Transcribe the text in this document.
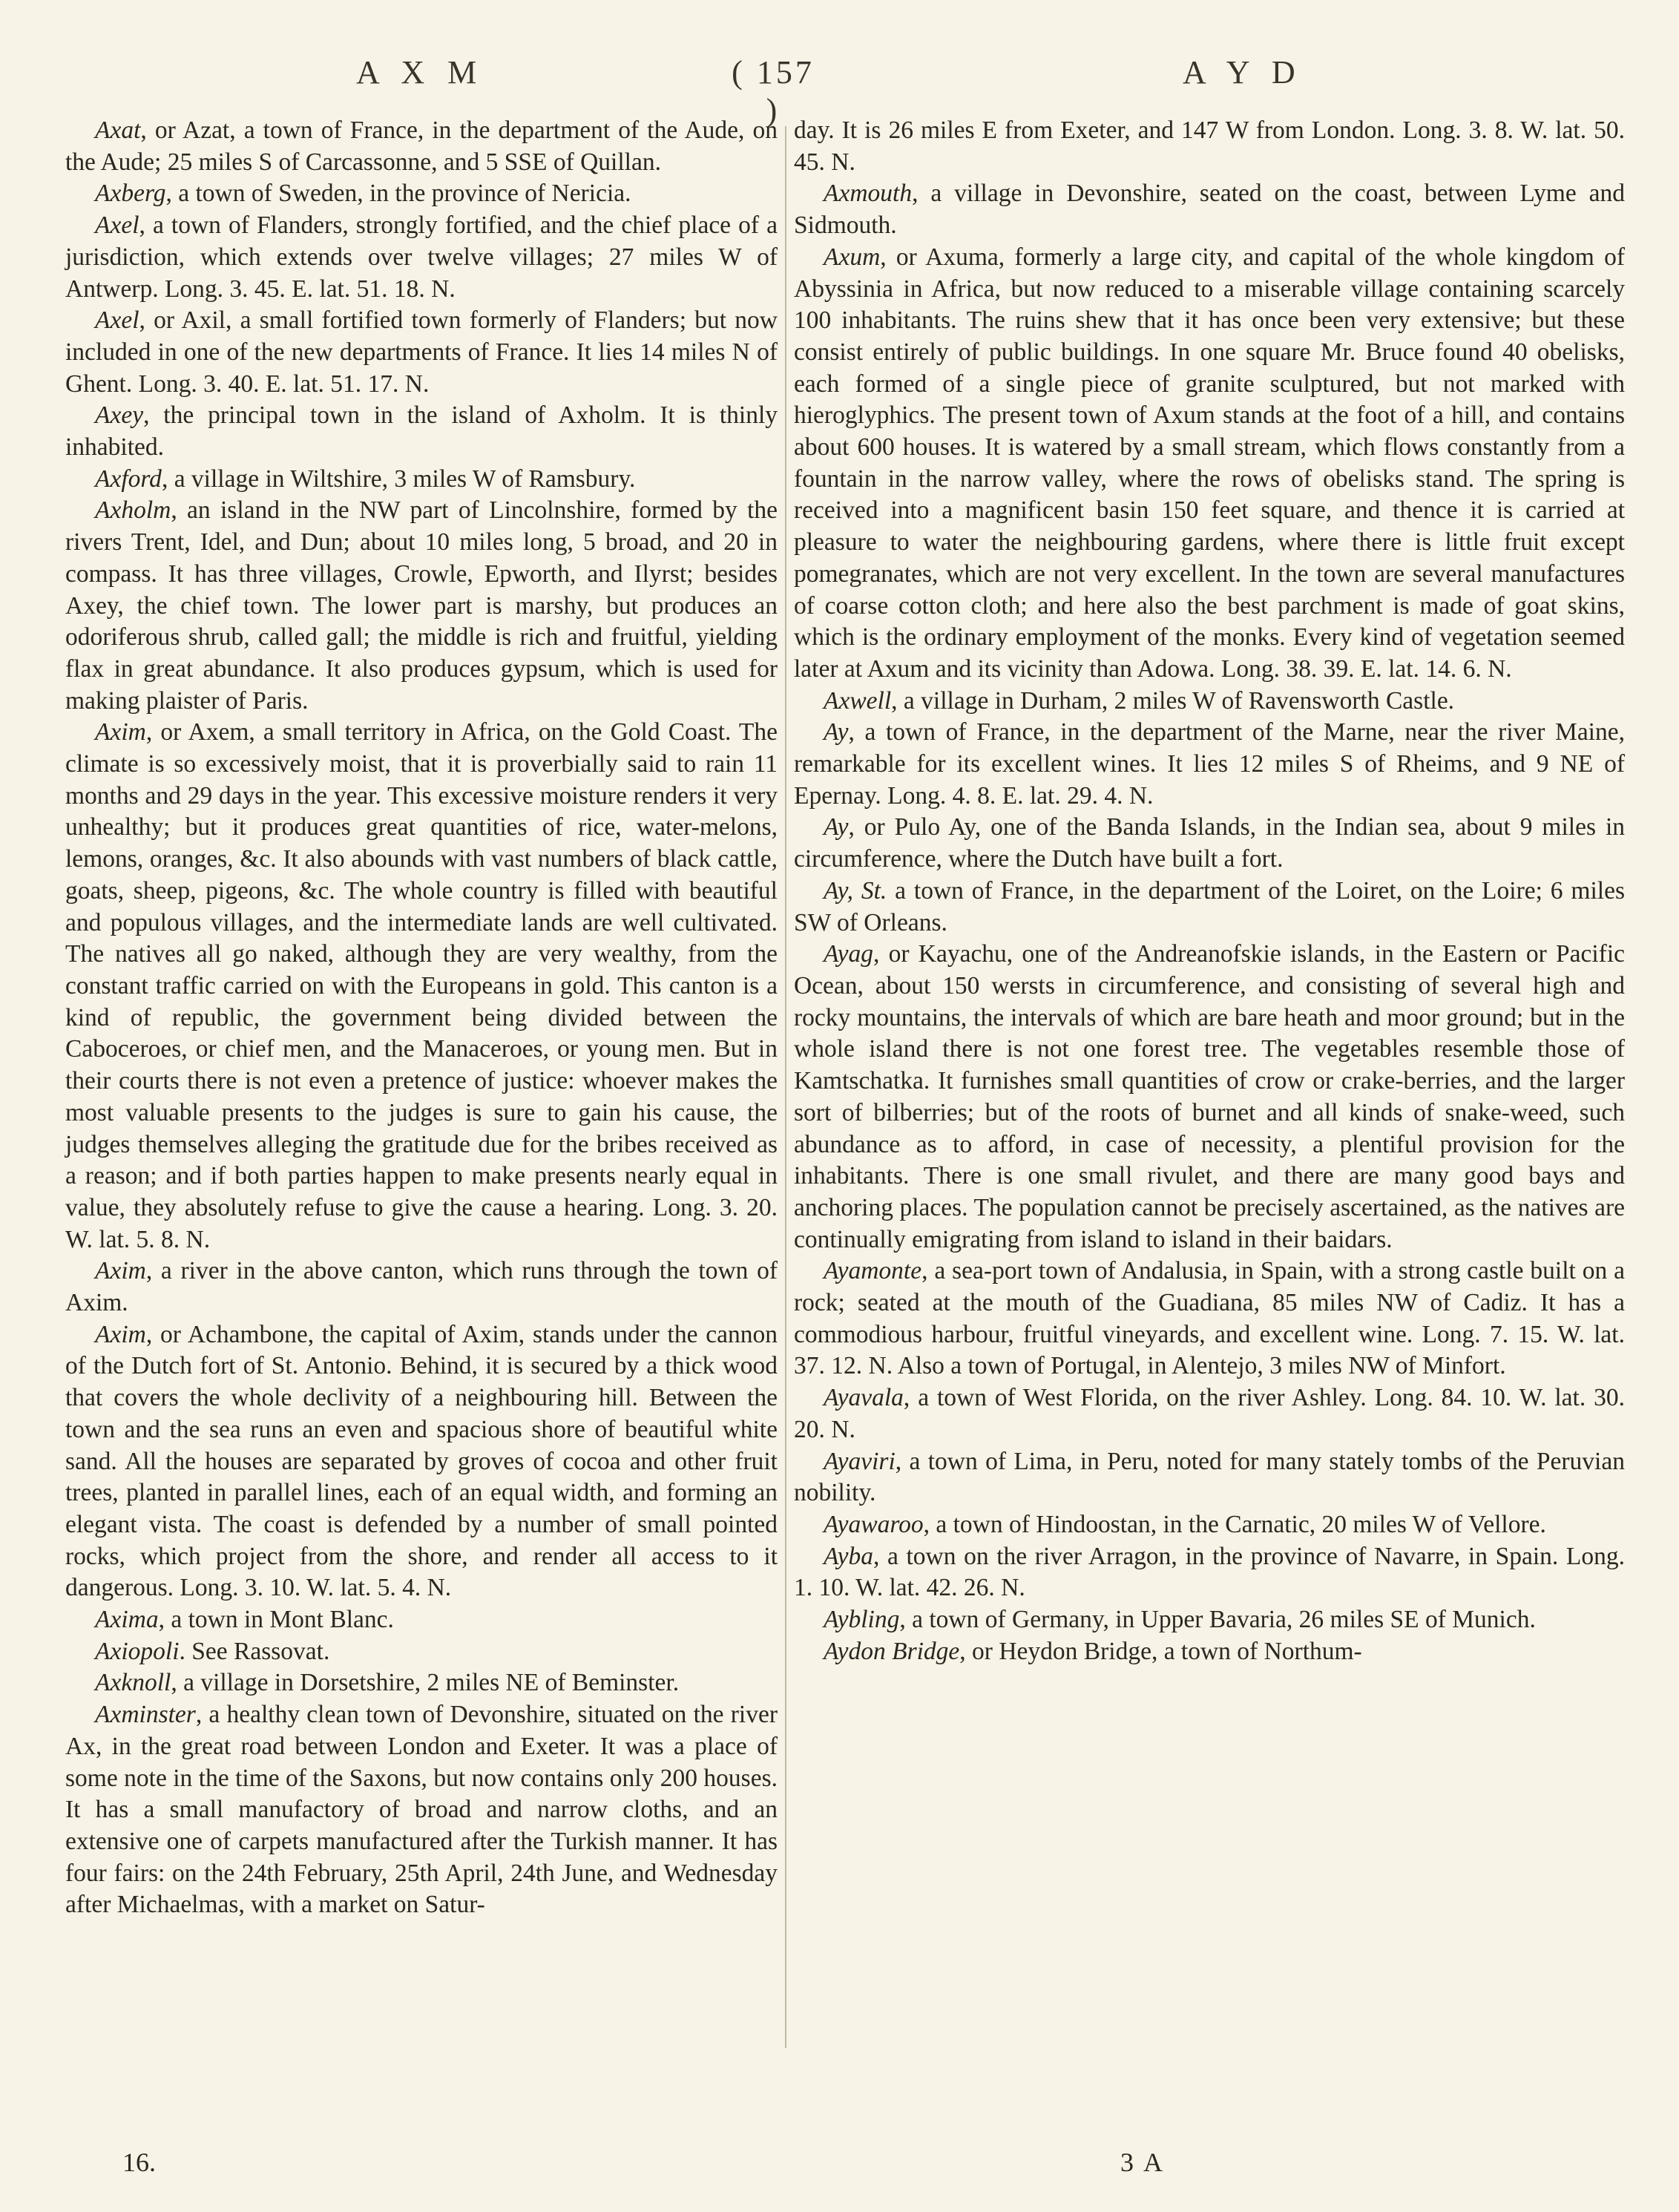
A X M	( 157 )
A Y D

Axat, or Azat, a town of France, in the department of the Aude, on the Aude; 25 miles S of Carcassonne, and 5 SSE of Quillan.

Axberg, a town of Sweden, in the province of Nericia.

Axel, a town of Flanders, strongly fortified, and the chief place of a jurisdiction, which extends over twelve villages; 27 miles W of Antwerp. Long. 3. 45. E. lat. 51. 18. N.

Axel, or Axil, a small fortified town formerly of Flanders; but now included in one of the new departments of France. It lies 14 miles N of Ghent. Long. 3. 40. E. lat. 51. 17. N.

Axey, the principal town in the island of Axholm. It is thinly inhabited.

Axford, a village in Wiltshire, 3 miles W of Ramsbury.

Axholm, an island in the NW part of Lincolnshire, formed by the rivers Trent, Idel, and Dun; about 10 miles long, 5 broad, and 20 in compass. It has three villages, Crowle, Epworth, and Ilyrst; besides Axey, the chief town. The lower part is marshy, but produces an odoriferous shrub, called gall; the middle is rich and fruitful, yielding flax in great abundance. It also produces gypsum, which is used for making plaister of Paris.

Axim, or Axem, a small territory in Africa, on the Gold Coast. The climate is so excessively moist, that it is proverbially said to rain 11 months and 29 days in the year. This excessive moisture renders it very unhealthy; but it produces great quantities of rice, water-melons, lemons, oranges, &c. It also abounds with vast numbers of black cattle, goats, sheep, pigeons, &c. The whole country is filled with beautiful and populous villages, and the intermediate lands are well cultivated. The natives all go naked, although they are very wealthy, from the constant traffic carried on with the Europeans in gold. This canton is a kind of republic, the government being divided between the Caboceroes, or chief men, and the Manaceroes, or young men. But in their courts there is not even a pretence of justice: whoever makes the most valuable presents to the judges is sure to gain his cause, the judges themselves alleging the gratitude due for the bribes received as a reason; and if both parties happen to make presents nearly equal in value, they absolutely refuse to give the cause a hearing. Long. 3. 20. W. lat. 5. 8. N.

Axim, a river in the above canton, which runs through the town of Axim.

Axim, or Achambone, the capital of Axim, stands under the cannon of the Dutch fort of St. Antonio. Behind, it is secured by a thick wood that covers the whole declivity of a neighbouring hill. Between the town and the sea runs an even and spacious shore of beautiful white sand. All the houses are separated by groves of cocoa and other fruit trees, planted in parallel lines, each of an equal width, and forming an elegant vista. The coast is defended by a number of small pointed rocks, which project from the shore, and render all access to it dangerous. Long. 3. 10. W. lat. 5. 4. N.

Axima, a town in Mont Blanc.

Axiopoli. See Rassovat.

Axknoll, a village in Dorsetshire, 2 miles NE of Beminster.

Axminster, a healthy clean town of Devonshire, situated on the river Ax, in the great road between London and Exeter. It was a place of some note in the time of the Saxons, but now contains only 200 houses. It has a small manufactory of broad and narrow cloths, and an extensive one of carpets manufactured after the Turkish manner. It has four fairs: on the 24th February, 25th April, 24th June, and Wednesday after Michaelmas, with a market on Satur-

day. It is 26 miles E from Exeter, and 147 W from London. Long. 3. 8. W. lat. 50. 45. N.

Axmouth, a village in Devonshire, seated on the coast, between Lyme and Sidmouth.

Axum, or Axuma, formerly a large city, and capital of the whole kingdom of Abyssinia in Africa, but now reduced to a miserable village containing scarcely 100 inhabitants. The ruins shew that it has once been very extensive; but these consist entirely of public buildings. In one square Mr. Bruce found 40 obelisks, each formed of a single piece of granite sculptured, but not marked with hieroglyphics. The present town of Axum stands at the foot of a hill, and contains about 600 houses. It is watered by a small stream, which flows constantly from a fountain in the narrow valley, where the rows of obelisks stand. The spring is received into a magnificent basin 150 feet square, and thence it is carried at pleasure to water the neighbouring gardens, where there is little fruit except pomegranates, which are not very excellent. In the town are several manufactures of coarse cotton cloth; and here also the best parchment is made of goat skins, which is the ordinary employment of the monks. Every kind of vegetation seemed later at Axum and its vicinity than Adowa. Long. 38. 39. E. lat. 14. 6. N.

Axwell, a village in Durham, 2 miles W of Ravensworth Castle.

Ay, a town of France, in the department of the Marne, near the river Maine, remarkable for its excellent wines. It lies 12 miles S of Rheims, and 9 NE of Epernay. Long. 4. 8. E. lat. 29. 4. N.

Ay, or Pulo Ay, one of the Banda Islands, in the Indian sea, about 9 miles in circumference, where the Dutch have built a fort.

Ay, St. a town of France, in the department of the Loiret, on the Loire; 6 miles SW of Orleans.

Ayag, or Kayachu, one of the Andreanofskie islands, in the Eastern or Pacific Ocean, about 150 wersts in circumference, and consisting of several high and rocky mountains, the intervals of which are bare heath and moor ground; but in the whole island there is not one forest tree. The vegetables resemble those of Kamtschatka. It furnishes small quantities of crow or crake-berries, and the larger sort of bilberries; but of the roots of burnet and all kinds of snake-weed, such abundance as to afford, in case of necessity, a plentiful provision for the inhabitants. There is one small rivulet, and there are many good bays and anchoring places. The population cannot be precisely ascertained, as the natives are continually emigrating from island to island in their baidars.

Ayamonte, a sea-port town of Andalusia, in Spain, with a strong castle built on a rock; seated at the mouth of the Guadiana, 85 miles NW of Cadiz. It has a commodious harbour, fruitful vineyards, and excellent wine. Long. 7. 15. W. lat. 37. 12. N. Also a town of Portugal, in Alentejo, 3 miles NW of Minfort.

Ayavala, a town of West Florida, on the river Ashley. Long. 84. 10. W. lat. 30. 20. N.

Ayaviri, a town of Lima, in Peru, noted for many stately tombs of the Peruvian nobility.

Ayawaroo, a town of Hindoostan, in the Carnatic, 20 miles W of Vellore.

Ayba, a town on the river Arragon, in the province of Navarre, in Spain. Long. 1. 10. W. lat. 42. 26. N.

Aybling, a town of Germany, in Upper Bavaria, 26 miles SE of Munich.

Aydon Bridge, or Heydon Bridge, a town of Northum-

16.	3 A
